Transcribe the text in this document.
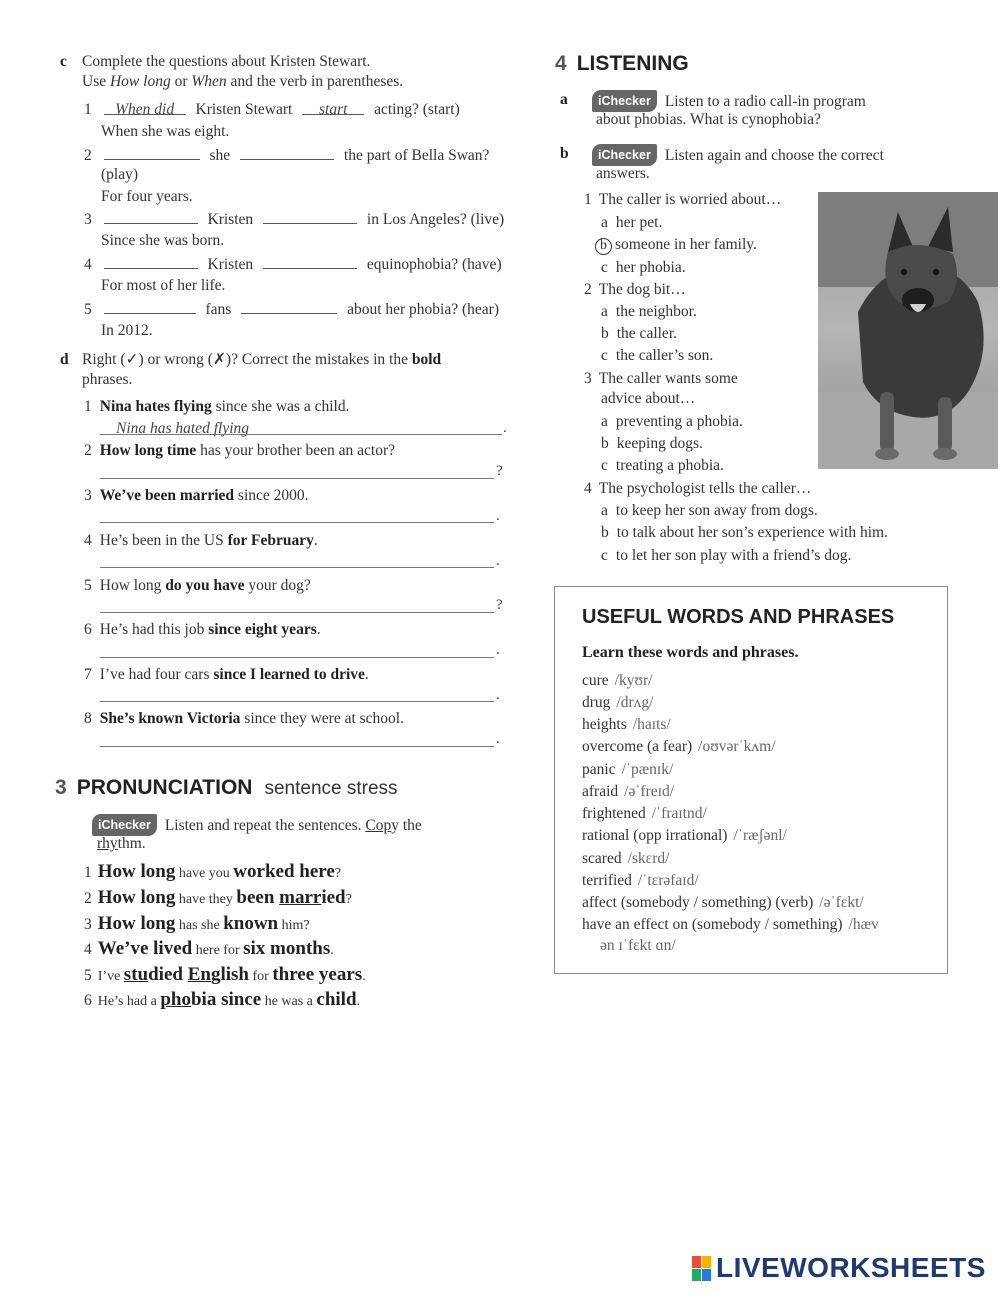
c Complete the questions about Kristen Stewart.
Use How long or When and the verb in parentheses.
1 When did Kristen Stewart start acting? (start)
When she was eight.
2	she	the part of Bella Swan?
(play)
For four years.
3	Kristen	in Los Angeles? (live)
Since she was born.
4	Kristen	equinophobia? (have)
For most of her life.
5	fans	about her phobia? (hear)
In 2012.
d Right (✓) or wrong (✗)? Correct the mistakes in the bold
phrases.
1 Nina hates flying since she was a child.
Nina has hated flying	.
2 How long time has your brother been an actor?
?
3 We’ve been married since 2000.
.
4 He’s been in the US for February.
.
5 How long do you have your dog?
?
6 He’s had this job since eight years.
.
7 I’ve had four cars since I learned to drive.
.
8 She’s known Victoria since they were at school.
.
3 PRONUNCIATION sentence stress
iChecker Listen and repeat the sentences. Copy the
rhythm.
1 How long have you worked here?
2 How long have they been married?
3 How long has she known him?
4 We’ve lived here for six months.
5 I’ve studied English for three years.
6 He’s had a phobia since he was a child.
4 LISTENING
a	iChecker Listen to a radio call-in program
about phobias. What is cynophobia?
b	iChecker Listen again and choose the correct
answers.
1 The caller is worried about…
a her pet.
b someone in her family.
c her phobia.
2 The dog bit…
a the neighbor.
b the caller.
c the caller’s son.
3 The caller wants some
advice about…
a preventing a phobia.
b keeping dogs.
c treating a phobia.
4 The psychologist tells the caller…
a to keep her son away from dogs.
b to talk about her son’s experience with him.
c to let her son play with a friend’s dog.
USEFUL WORDS AND PHRASES
Learn these words and phrases.
cure /kyʊr/
drug /drʌg/
heights /haɪts/
overcome (a fear) /oʊvərˈkʌm/
panic /ˈpænɪk/
afraid /əˈfreɪd/
frightened /ˈfraɪtnd/
rational (opp irrational) /ˈræʃənl/
scared /skɛrd/
terrified /ˈtɛrəfaɪd/
affect (somebody / something) (verb) /əˈfɛkt/
have an effect on (somebody / something) /hæv
ən ɪˈfɛkt ɑn/
LIVEWORKSHEETS
